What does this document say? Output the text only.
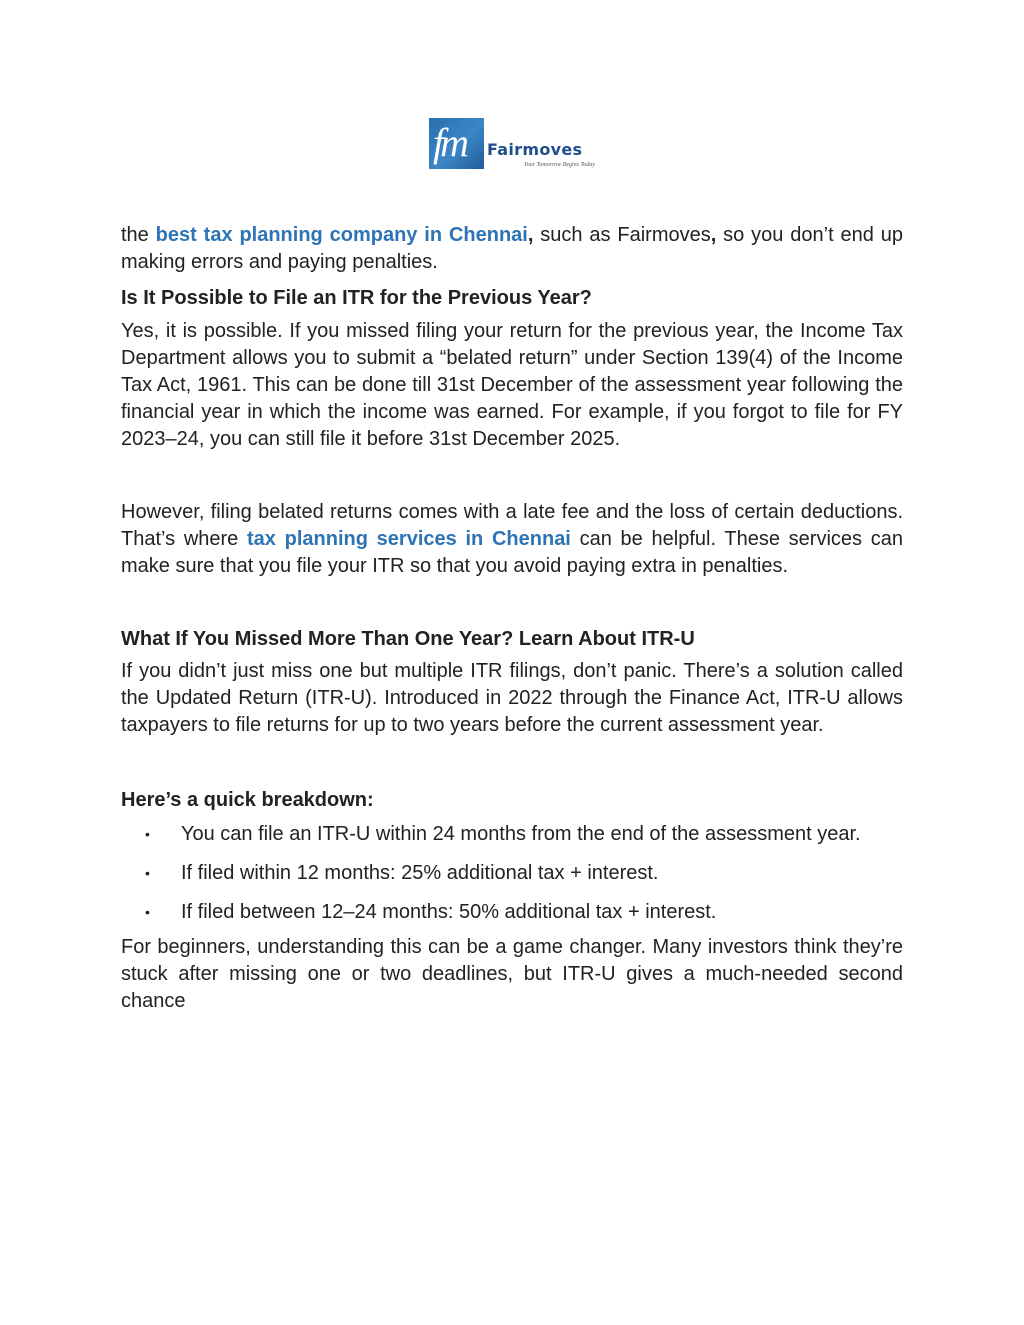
fm Fairmoves
Your Tomorrow Begins Today

the best tax planning company in Chennai, such as Fairmoves, so you don’t end up making errors and paying penalties.

Is It Possible to File an ITR for the Previous Year?

Yes, it is possible. If you missed filing your return for the previous year, the Income Tax Department allows you to submit a “belated return” under Section 139(4) of the Income Tax Act, 1961. This can be done till 31st December of the assessment year following the financial year in which the income was earned. For example, if you forgot to file for FY 2023–24, you can still file it before 31st December 2025.

However, filing belated returns comes with a late fee and the loss of certain deductions. That’s where tax planning services in Chennai can be helpful. These services can make sure that you file your ITR so that you avoid paying extra in penalties.

What If You Missed More Than One Year? Learn About ITR-U

If you didn’t just miss one but multiple ITR filings, don’t panic. There’s a solution called the Updated Return (ITR-U). Introduced in 2022 through the Finance Act, ITR-U allows taxpayers to file returns for up to two years before the current assessment year.

Here’s a quick breakdown:

• You can file an ITR-U within 24 months from the end of the assessment year.
• If filed within 12 months: 25% additional tax + interest.
• If filed between 12–24 months: 50% additional tax + interest.

For beginners, understanding this can be a game changer. Many investors think they’re stuck after missing one or two deadlines, but ITR-U gives a much-needed second chance
